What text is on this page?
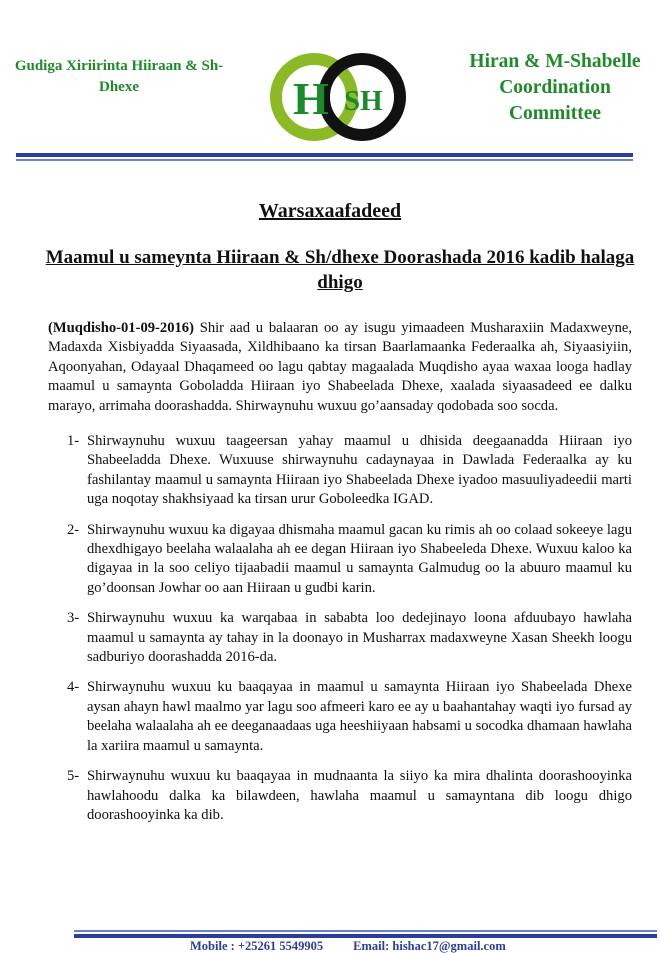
Gudiga Xiriirinta Hiiraan & Sh- Dhexe	H SH
Hiran & M-Shabelle
Coordination
Committee
Warsaxaafadeed
Maamul u sameynta Hiiraan & Sh/dhexe Doorashada 2016 kadib halaga dhigo
(Muqdisho-01-09-2016) Shir aad u balaaran oo ay isugu yimaadeen Musharaxiin Madaxweyne, Madaxda Xisbiyadda Siyaasada, Xildhibaano ka tirsan Baarlamaanka Federaalka ah, Siyaasiyiin, Aqoonyahan, Odayaal Dhaqameed oo lagu qabtay magaalada Muqdisho ayaa waxaa looga hadlay maamul u samaynta Goboladda Hiiraan iyo Shabeelada Dhexe, xaalada siyaasadeed ee dalku marayo, arrimaha doorashadda. Shirwaynuhu wuxuu go’aansaday qodobada soo socda.
1- Shirwaynuhu wuxuu taageersan yahay maamul u dhisida deegaanadda Hiiraan iyo Shabeeladda Dhexe. Wuxuuse shirwaynuhu cadaynayaa in Dawlada Federaalka ay ku fashilantay maamul u samaynta Hiiraan iyo Shabeelada Dhexe iyadoo masuuliyadeedii marti uga noqotay shakhsiyaad ka tirsan urur Goboleedka IGAD.
2- Shirwaynuhu wuxuu ka digayaa dhismaha maamul gacan ku rimis ah oo colaad sokeeye lagu dhexdhigayo beelaha walaalaha ah ee degan Hiiraan iyo Shabeeleda Dhexe. Wuxuu kaloo ka digayaa in la soo celiyo tijaabadii maamul u samaynta Galmudug oo la abuuro maamul ku go’doonsan Jowhar oo aan Hiiraan u gudbi karin.
3- Shirwaynuhu wuxuu ka warqabaa in sababta loo dedejinayo loona afduubayo hawlaha maamul u samaynta ay tahay in la doonayo in Musharrax madaxweyne Xasan Sheekh loogu sadburiyo doorashadda 2016-da.
4- Shirwaynuhu wuxuu ku baaqayaa in maamul u samaynta Hiiraan iyo Shabeelada Dhexe aysan ahayn hawl maalmo yar lagu soo afmeeri karo ee ay u baahantahay waqti iyo fursad ay beelaha walaalaha ah ee deeganaadaas uga heeshiiyaan habsami u socodka dhamaan hawlaha la xariira maamul u samaynta.
5- Shirwaynuhu wuxuu ku baaqayaa in mudnaanta la siiyo ka mira dhalinta doorashooyinka hawlahoodu dalka ka bilawdeen, hawlaha maamul u samayntana dib loogu dhigo doorashooyinka ka dib.
Mobile : +25261 5549905 Email: hishac17@gmail.com
